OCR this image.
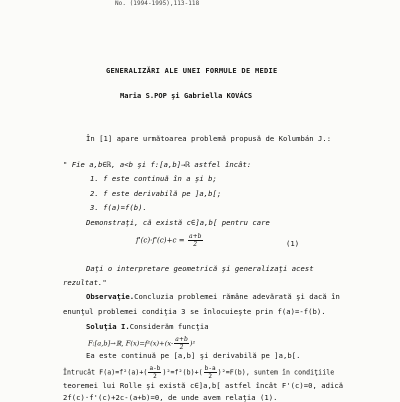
No. (1994-1995),113-118
GENERALIZĂRI ALE UNEI FORMULE DE MEDIE
Maria S.POP şi Gabriella KOVÁCS
În [1] apare următoarea problemă propusă de Kolumbán J.:
" Fie a,b∈ℝ, a<b şi f:[a,b]→ℝ astfel încât:
1. f este continuă în a şi b;
2. f este derivabilă pe ]a,b[;
3. f(a)=f(b).
Demonstraţi, că există c∈]a,b[ pentru care
$f'(c)\cdot f'(c)+c = \frac{a+b}{2}$	(1)
Daţi o interpretare geometrică şi generalizaţi acest
rezultat."
Observaţie.Concluzia problemei rămâne adevărată şi dacă în
enunţul problemei condiţia 3 se înlocuieşte prin f(a)=-f(b).
Soluţia I.Considerăm funcţia
F:[a,b]→ℝ, $F(x)=f^2(x)+(x- \frac{a+b}{2} )^2$
Ea este continuă pe [a,b] şi derivabilă pe ]a,b[.
Întrucât $F(a)=f^2(a)+( \frac{a-b}{2} )^2=f^2(b)+( \frac{b-a}{2} )^2=F(b)$, suntem în condiţiile
teoremei lui Rolle şi există c∈]a,b[ astfel încât F'(c)=0, adică
2f(c)·f'(c)+2c-(a+b)=0, de unde avem relaţia (1).
